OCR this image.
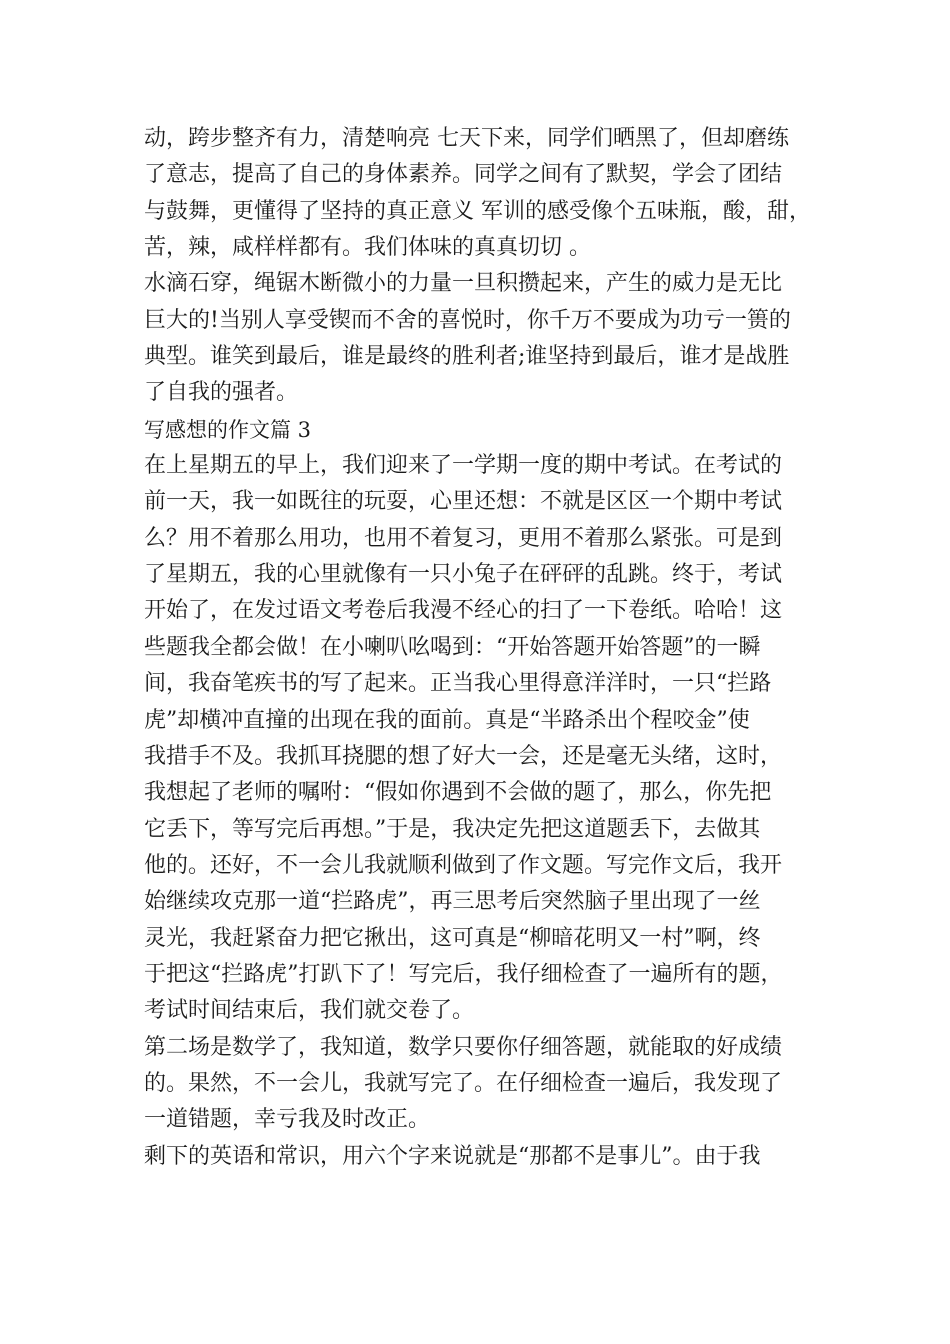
动，跨步整齐有力，清楚响亮 七天下来，同学们晒黑了，但却磨练
了意志，提高了自己的身体素养。同学之间有了默契，学会了团结
与鼓舞，更懂得了坚持的真正意义 军训的感受像个五味瓶，酸，甜，
苦，辣，咸样样都有。我们体味的真真切切 。
水滴石穿，绳锯木断微小的力量一旦积攒起来，产生的威力是无比
巨大的!当别人享受锲而不舍的喜悦时，你千万不要成为功亏一篑的
典型。谁笑到最后，谁是最终的胜利者;谁坚持到最后，谁才是战胜
了自我的强者。
写感想的作文篇 3
在上星期五的早上，我们迎来了一学期一度的期中考试。在考试的
前一天，我一如既往的玩耍，心里还想：不就是区区一个期中考试
么？用不着那么用功，也用不着复习，更用不着那么紧张。可是到
了星期五，我的心里就像有一只小兔子在砰砰的乱跳。终于，考试
开始了，在发过语文考卷后我漫不经心的扫了一下卷纸。哈哈！这
些题我全都会做！在小喇叭吆喝到：“开始答题开始答题”的一瞬
间，我奋笔疾书的写了起来。正当我心里得意洋洋时，一只“拦路
虎”却横冲直撞的出现在我的面前。真是“半路杀出个程咬金”使
我措手不及。我抓耳挠腮的想了好大一会，还是毫无头绪，这时，
我想起了老师的嘱咐：“假如你遇到不会做的题了，那么，你先把
它丢下，等写完后再想。”于是，我决定先把这道题丢下，去做其
他的。还好，不一会儿我就顺利做到了作文题。写完作文后，我开
始继续攻克那一道“拦路虎”，再三思考后突然脑子里出现了一丝
灵光，我赶紧奋力把它揪出，这可真是“柳暗花明又一村”啊，终
于把这“拦路虎”打趴下了！写完后，我仔细检查了一遍所有的题，
考试时间结束后，我们就交卷了。
第二场是数学了，我知道，数学只要你仔细答题，就能取的好成绩
的。果然，不一会儿，我就写完了。在仔细检查一遍后，我发现了
一道错题，幸亏我及时改正。
剩下的英语和常识，用六个字来说就是“那都不是事儿”。由于我
